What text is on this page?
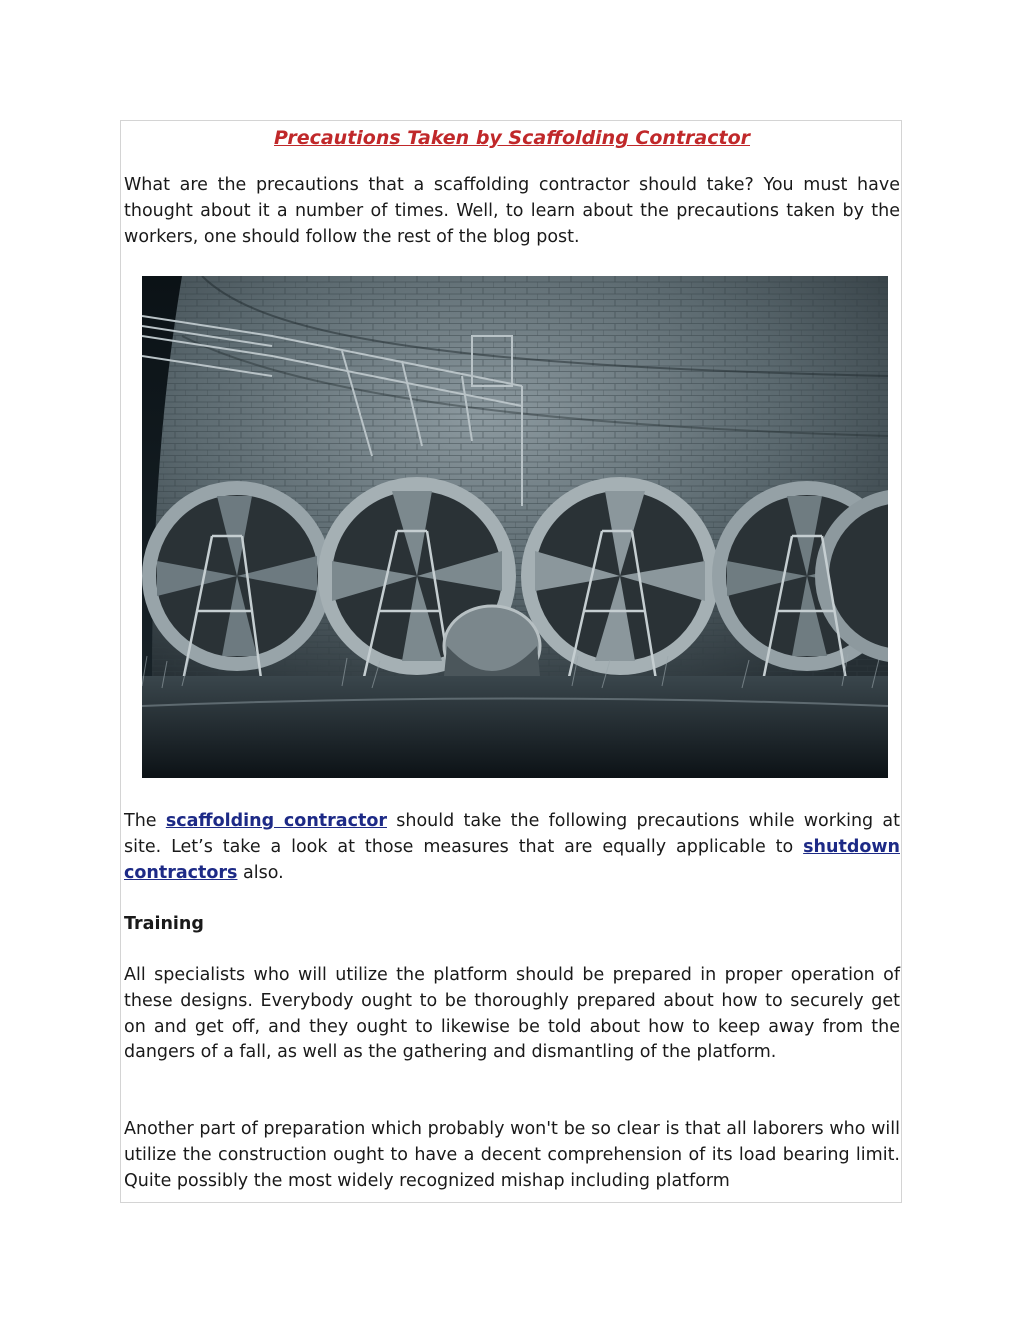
Precautions Taken by Scaffolding Contractor

What are the precautions that a scaffolding contractor should take? You must have thought about it a number of times. Well, to learn about the precautions taken by the workers, one should follow the rest of the blog post.

The scaffolding contractor should take the following precautions while working at site. Let’s take a look at those measures that are equally applicable to shutdown contractors also.

Training

All specialists who will utilize the platform should be prepared in proper operation of these designs. Everybody ought to be thoroughly prepared about how to securely get on and get off, and they ought to likewise be told about how to keep away from the dangers of a fall, as well as the gathering and dismantling of the platform.

Another part of preparation which probably won't be so clear is that all laborers who will utilize the construction ought to have a decent comprehension of its load bearing limit. Quite possibly the most widely recognized mishap including platform
